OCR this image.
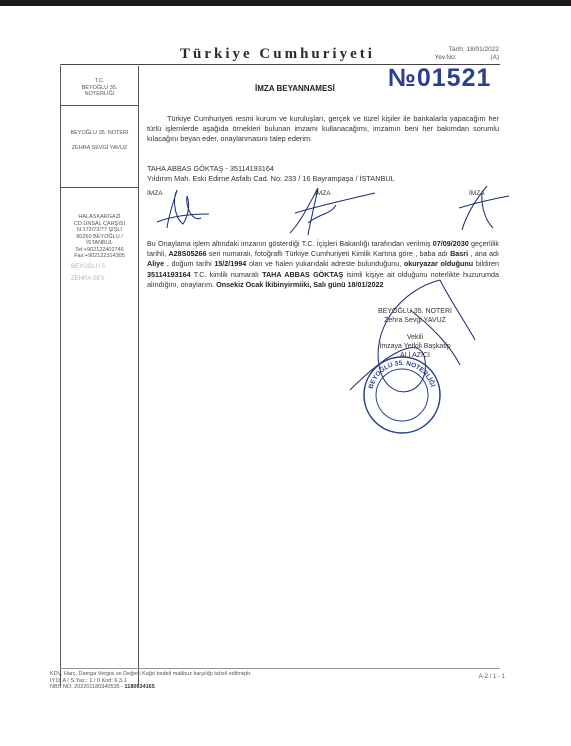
Türkiye Cumhuriyeti	Tarih: 18/01/2022
Yev.No:	(A)
T.C.
BEYOĞLU 35.
NOTERLİĞİ
BEYOĞLU 35. NOTERİ
ZEHRA SEVGİ YAVUZ
HALASKARGAZİ
CD.ÜNSAL ÇARŞISI
N:172/73/77 ŞİŞLİ
80260 BEYOĞLU /
İSTANBUL
Tel:+902122402746
Fax:+902122314305
BEYOĞLU 5
ZEHRA SEV
İMZA BEYANNAMESİ №01521
Türkiye Cumhuriyeti resmi kurum ve kuruluşları, gerçek ve tüzel kişiler ile bankalarla yapacağım her türlü işlemlerde aşağıda örnekleri bulunan imzamı kullanacağımı, imzamın beni her bakımdan sorumlu kılacağını beyan eder, onaylanmasını talep ederim.
TAHA ABBAS GÖKTAŞ - 35114193164
Yıldırım Mah. Eski Edirne Asfaltı Cad. No: 233 / 16 Bayrampaşa / İSTANBUL
İMZA	İMZA	İMZA
Bu Onaylama işlem altındaki imzanın gösterdiği T.C. İçişleri Bakanlığı tarafından verilmiş 07/09/2030 geçerlilik tarihli, A28S05266 seri numaralı, fotoğraflı Türkiye Cumhuriyeti Kimlik Kartına göre , baba adı Basri , ana adı Aliye , doğum tarihi 15/2/1994 olan ve halen yukarıdaki adreste bulunduğunu, okuryazar olduğunu bildiren 35114193164 T.C. kimlik numaralı TAHA ABBAS GÖKTAŞ isimli kişiye ait olduğunu noterlikte huzurumda alındığını, onaylarım. Onsekiz Ocak İkibinyirmiiki, Salı günü 18/01/2022
BEYOĞLU 35. NOTERLİĞİ
BEYOĞLU 35. NOTERİ
Zehra Sevgi YAVUZ
Vekili
İmzaya Yetkili Başkatip
ALİ AZICI
KDV, Harç, Damga Vergisi ve Değerli Kağıt bedeli makbuz karşılığı tahsil edilmiştir.
IY18 A / S.Yaz.: 1 / 0 Kod: 6.3.1
NBS NO: 202201180340535 - 1180634165
A-2 / 1 - 1
